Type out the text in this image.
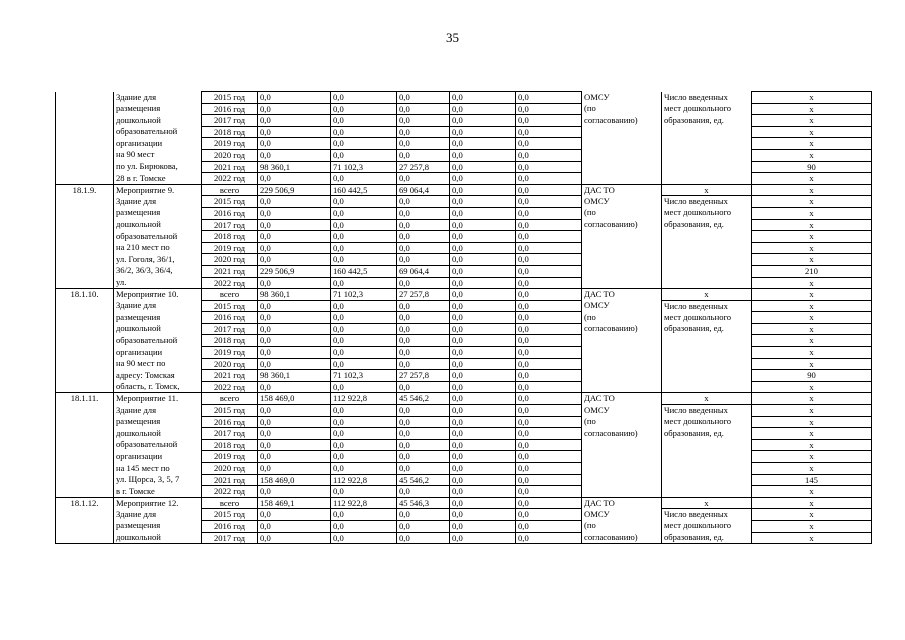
35
	Здание для	2015 год	0,0	0,0	0,0	0,0	0,0	ОМСУ	Число введенных	х
	размещения	2016 год	0,0	0,0	0,0	0,0	0,0	(по	мест дошкольного	х
	дошкольной	2017 год	0,0	0,0	0,0	0,0	0,0	согласованию)	образования, ед.	х
	образовательной	2018 год	0,0	0,0	0,0	0,0	0,0			х
	организации	2019 год	0,0	0,0	0,0	0,0	0,0			х
	на 90 мест	2020 год	0,0	0,0	0,0	0,0	0,0			х
	по ул. Бирюкова,	2021 год	98 360,1	71 102,3	27 257,8	0,0	0,0			90
	28 в г. Томске	2022 год	0,0	0,0	0,0	0,0	0,0			х
18.1.9.	Мероприятие 9.	всего	229 506,9	160 442,5	69 064,4	0,0	0,0	ДАС ТО	х	х
	Здание для	2015 год	0,0	0,0	0,0	0,0	0,0	ОМСУ	Число введенных	х
	размещения	2016 год	0,0	0,0	0,0	0,0	0,0	(по	мест дошкольного	х
	дошкольной	2017 год	0,0	0,0	0,0	0,0	0,0	согласованию)	образования, ед.	х
	образовательной	2018 год	0,0	0,0	0,0	0,0	0,0			х
	на 210 мест по	2019 год	0,0	0,0	0,0	0,0	0,0			х
	ул. Гоголя, 36/1,	2020 год	0,0	0,0	0,0	0,0	0,0			х
	36/2, 36/3, 36/4,	2021 год	229 506,9	160 442,5	69 064,4	0,0	0,0			210
	ул.	2022 год	0,0	0,0	0,0	0,0	0,0			х
18.1.10.	Мероприятие 10.	всего	98 360,1	71 102,3	27 257,8	0,0	0,0	ДАС ТО	х	х
	Здание для	2015 год	0,0	0,0	0,0	0,0	0,0	ОМСУ	Число введенных	х
	размещения	2016 год	0,0	0,0	0,0	0,0	0,0	(по	мест дошкольного	х
	дошкольной	2017 год	0,0	0,0	0,0	0,0	0,0	согласованию)	образования, ед.	х
	образовательной	2018 год	0,0	0,0	0,0	0,0	0,0			х
	организации	2019 год	0,0	0,0	0,0	0,0	0,0			х
	на 90 мест по	2020 год	0,0	0,0	0,0	0,0	0,0			х
	адресу: Томская	2021 год	98 360,1	71 102,3	27 257,8	0,0	0,0			90
	область, г. Томск,	2022 год	0,0	0,0	0,0	0,0	0,0			х
18.1.11.	Мероприятие 11.	всего	158 469,0	112 922,8	45 546,2	0,0	0,0	ДАС ТО	х	х
	Здание для	2015 год	0,0	0,0	0,0	0,0	0,0	ОМСУ	Число введенных	х
	размещения	2016 год	0,0	0,0	0,0	0,0	0,0	(по	мест дошкольного	х
	дошкольной	2017 год	0,0	0,0	0,0	0,0	0,0	согласованию)	образования, ед.	х
	образовательной	2018 год	0,0	0,0	0,0	0,0	0,0			х
	организации	2019 год	0,0	0,0	0,0	0,0	0,0			х
	на 145 мест по	2020 год	0,0	0,0	0,0	0,0	0,0			х
	ул. Щорса, 3, 5, 7	2021 год	158 469,0	112 922,8	45 546,2	0,0	0,0			145
	в г. Томске	2022 год	0,0	0,0	0,0	0,0	0,0			х
18.1.12.	Мероприятие 12.	всего	158 469,1	112 922,8	45 546,3	0,0	0,0	ДАС ТО	х	х
	Здание для	2015 год	0,0	0,0	0,0	0,0	0,0	ОМСУ	Число введенных	х
	размещения	2016 год	0,0	0,0	0,0	0,0	0,0	(по	мест дошкольного	х
	дошкольной	2017 год	0,0	0,0	0,0	0,0	0,0	согласованию)	образования, ед.	х
